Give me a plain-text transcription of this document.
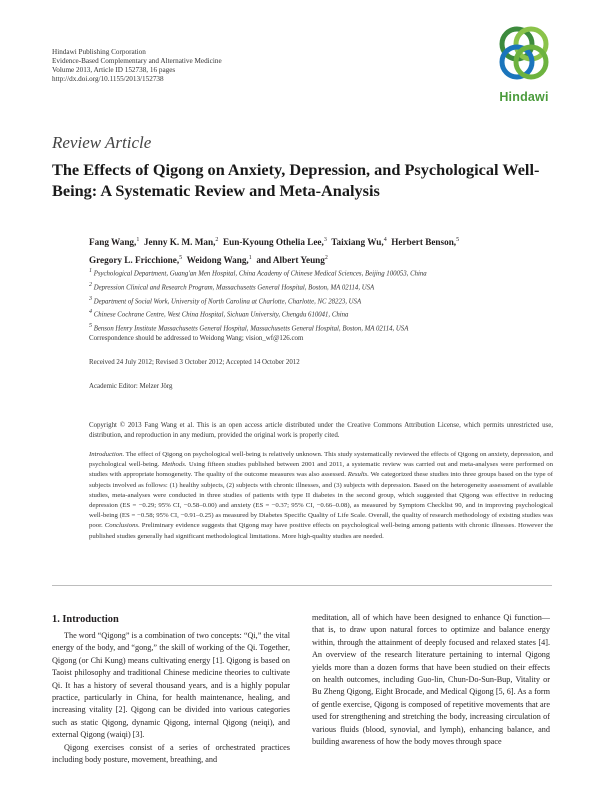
Hindawi Publishing Corporation
Evidence-Based Complementary and Alternative Medicine
Volume 2013, Article ID 152738, 16 pages
http://dx.doi.org/10.1155/2013/152738
Hindawi
Review Article
The Effects of Qigong on Anxiety, Depression, and Psychological Well-Being: A Systematic Review and Meta-Analysis
Fang Wang,$^1$ Jenny K. M. Man,$^2$ Eun-Kyoung Othelia Lee,$^3$ Taixiang Wu,$^4$ Herbert Benson,$^5$
Gregory L. Fricchione,$^5$ Weidong Wang,$^1$ and Albert Yeung$^2$
$^1$ Psychological Department, Guang'an Men Hospital, China Academy of Chinese Medical Sciences, Beijing 100053, China
$^2$ Depression Clinical and Research Program, Massachusetts General Hospital, Boston, MA 02114, USA
$^3$ Department of Social Work, University of North Carolina at Charlotte, Charlotte, NC 28223, USA
$^4$ Chinese Cochrane Centre, West China Hospital, Sichuan University, Chengdu 610041, China
$^5$ Benson Henry Institute Massachusetts General Hospital, Massachusetts General Hospital, Boston, MA 02114, USA
Correspondence should be addressed to Weidong Wang; vision_wf@126.com
Received 24 July 2012; Revised 3 October 2012; Accepted 14 October 2012
Academic Editor: Melzer Jörg
Copyright © 2013 Fang Wang et al. This is an open access article distributed under the Creative Commons Attribution License, which permits unrestricted use, distribution, and reproduction in any medium, provided the original work is properly cited.
Introduction. The effect of Qigong on psychological well-being is relatively unknown. This study systematically reviewed the effects of Qigong on anxiety, depression, and psychological well-being. Methods. Using fifteen studies published between 2001 and 2011, a systematic review was carried out and meta-analyses were performed on studies with appropriate homogeneity. The quality of the outcome measures was also assessed. Results. We categorized these studies into three groups based on the type of subjects involved as follows: (1) healthy subjects, (2) subjects with chronic illnesses, and (3) subjects with depression. Based on the heterogeneity assessment of available studies, meta-analyses were conducted in three studies of patients with type II diabetes in the second group, which suggested that Qigong was effective in reducing depression (ES = −0.29; 95% CI, −0.58–0.00) and anxiety (ES = −0.37; 95% CI, −0.66–0.08), as measured by Symptom Checklist 90, and in improving psychological well-being (ES = −0.58; 95% CI, −0.91–0.25) as measured by Diabetes Specific Quality of Life Scale. Overall, the quality of research methodology of existing studies was poor. Conclusions. Preliminary evidence suggests that Qigong may have positive effects on psychological well-being among patients with chronic illnesses. However the published studies generally had significant methodological limitations. More high-quality studies are needed.
1. Introduction
The word “Qigong” is a combination of two concepts: “Qi,” the vital energy of the body, and “gong,” the skill of working of the Qi. Together, Qigong (or Chi Kung) means cultivating energy [1]. Qigong is based on Taoist philosophy and traditional Chinese medicine theories to cultivate Qi. It has a history of several thousand years, and is a highly popular practice, particularly in China, for health maintenance, healing, and increasing vitality [2]. Qigong can be divided into various categories such as static Qigong, dynamic Qigong, internal Qigong (neiqi), and external Qigong (waiqi) [3].
Qigong exercises consist of a series of orchestrated practices including body posture, movement, breathing, and
meditation, all of which have been designed to enhance Qi function—that is, to draw upon natural forces to optimize and balance energy within, through the attainment of deeply focused and relaxed states [4]. An overview of the research literature pertaining to internal Qigong yields more than a dozen forms that have been studied on their effects on health outcomes, including Guo-lin, Chun-Do-Sun-Bup, Vitality or Bu Zheng Qigong, Eight Brocade, and Medical Qigong [5, 6]. As a form of gentle exercise, Qigong is composed of repetitive movements that are used for strengthening and stretching the body, increasing circulation of various fluids (blood, synovial, and lymph), enhancing balance, and building awareness of how the body moves through space
